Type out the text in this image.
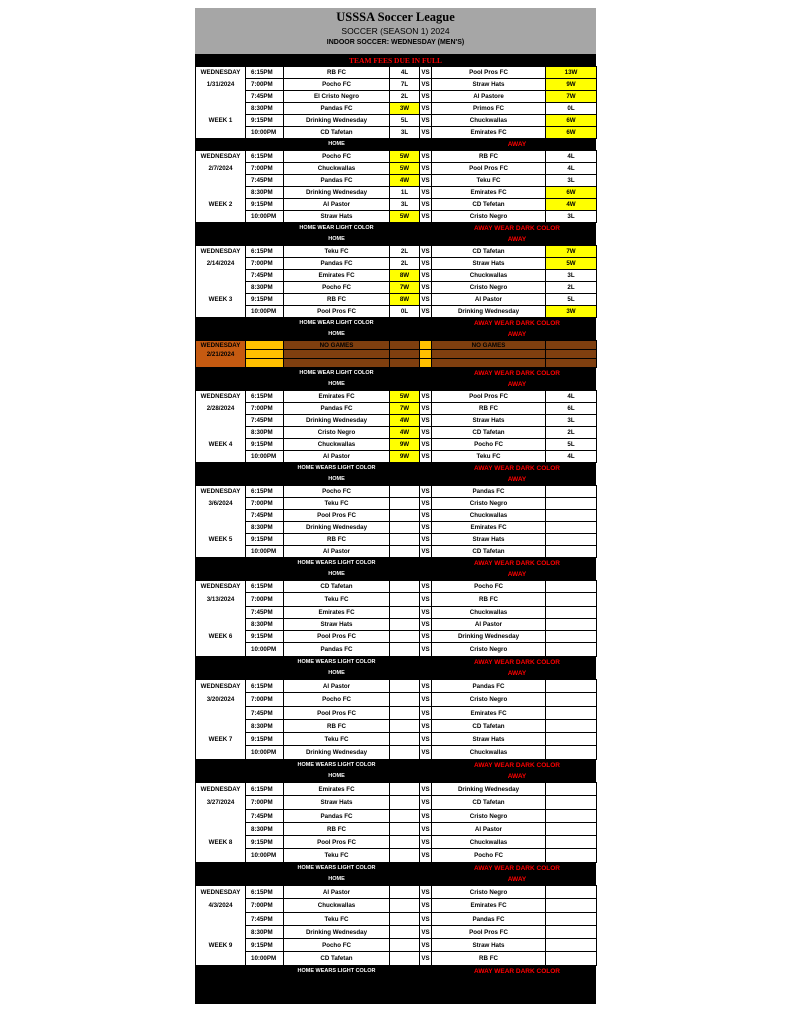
USSSA Soccer League
SOCCER (SEASON 1) 2024
INDOOR SOCCER: WEDNESDAY (MEN'S)
TEAM FEES DUE IN FULL
WEDNESDAY	6:15PM	RB FC	4L	VS	Pool Pros FC	13W
1/31/2024	7:00PM	Pocho FC	7L	VS	Straw Hats	9W
	7:45PM	El Cristo Negro	2L	VS	Al Pastore	7W
	8:30PM	Pandas FC	3W	VS	Primos FC	0L
WEEK 1	9:15PM	Drinking Wednesday	5L	VS	Chuckwallas	6W
	10:00PM	CD Tafetan	3L	VS	Emirates FC	6W
HOME	AWAY
WEDNESDAY	6:15PM	Pocho FC	5W	VS	RB FC	4L
2/7/2024	7:00PM	Chuckwallas	5W	VS	Pool Pros FC	4L
	7:45PM	Pandas FC	4W	VS	Teku FC	3L
	8:30PM	Drinking Wednesday	1L	VS	Emirates FC	6W
WEEK 2	9:15PM	Al Pastor	3L	VS	CD Tefetan	4W
	10:00PM	Straw Hats	5W	VS	Cristo Negro	3L
HOME WEAR LIGHT COLOR	AWAY WEAR DARK COLOR
HOME	AWAY
WEDNESDAY	6:15PM	Teku FC	2L	VS	CD Tafetan	7W
2/14/2024	7:00PM	Pandas FC	2L	VS	Straw Hats	5W
	7:45PM	Emirates FC	8W	VS	Chuckwallas	3L
	8:30PM	Pocho FC	7W	VS	Cristo Negro	2L
WEEK 3	9:15PM	RB FC	8W	VS	Al Pastor	5L
	10:00PM	Pool Pros FC	0L	VS	Drinking Wednesday	3W
HOME WEAR LIGHT COLOR	AWAY WEAR DARK COLOR
HOME	AWAY
WEDNESDAY		NO GAMES			NO GAMES	
2/21/2024						

HOME WEAR LIGHT COLOR	AWAY WEAR DARK COLOR
HOME	AWAY
WEDNESDAY	6:15PM	Emirates FC	5W	VS	Pool Pros FC	4L
2/28/2024	7:00PM	Pandas FC	7W	VS	RB FC	6L
	7:45PM	Drinking Wednesday	4W	VS	Straw Hats	3L
	8:30PM	Cristo Negro	4W	VS	CD Tafetan	2L
WEEK 4	9:15PM	Chuckwallas	9W	VS	Pocho FC	5L
	10:00PM	Al Pastor	9W	VS	Teku FC	4L
HOME WEARS LIGHT COLOR	AWAY WEAR DARK COLOR
HOME	AWAY
WEDNESDAY	6:15PM	Pocho FC		VS	Pandas FC	
3/6/2024	7:00PM	Teku FC		VS	Cristo Negro	
	7:45PM	Pool Pros FC		VS	Chuckwallas	
	8:30PM	Drinking Wednesday		VS	Emirates FC	
WEEK 5	9:15PM	RB FC		VS	Straw Hats	
	10:00PM	Al Pastor		VS	CD Tafetan	
HOME WEARS LIGHT COLOR	AWAY WEAR DARK COLOR
HOME	AWAY
WEDNESDAY	6:15PM	CD Tafetan		VS	Pocho FC	
3/13/2024	7:00PM	Teku FC		VS	RB FC	
	7:45PM	Emirates FC		VS	Chuckwallas	
	8:30PM	Straw Hats		VS	Al Pastor	
WEEK 6	9:15PM	Pool Pros FC		VS	Drinking Wednesday	
	10:00PM	Pandas FC		VS	Cristo Negro	
HOME WEARS LIGHT COLOR	AWAY WEAR DARK COLOR
HOME	AWAY
WEDNESDAY	6:15PM	Al Pastor		VS	Pandas FC	
3/20/2024	7:00PM	Pocho FC		VS	Cristo Negro	
	7:45PM	Pool Pros FC		VS	Emirates FC	
	8:30PM	RB FC		VS	CD Tafetan	
WEEK 7	9:15PM	Teku FC		VS	Straw Hats	
	10:00PM	Drinking Wednesday		VS	Chuckwallas	
HOME WEARS LIGHT COLOR	AWAY WEAR DARK COLOR
HOME	AWAY
WEDNESDAY	6:15PM	Emirates FC		VS	Drinking Wednesday	
3/27/2024	7:00PM	Straw Hats		VS	CD Tafetan	
	7:45PM	Pandas FC		VS	Cristo Negro	
	8:30PM	RB FC		VS	Al Pastor	
WEEK 8	9:15PM	Pool Pros FC		VS	Chuckwallas	
	10:00PM	Teku FC		VS	Pocho FC	
HOME WEARS LIGHT COLOR	AWAY WEAR DARK COLOR
HOME	AWAY
WEDNESDAY	6:15PM	Al Pastor		VS	Cristo Negro	
4/3/2024	7:00PM	Chuckwallas		VS	Emirates FC	
	7:45PM	Teku FC		VS	Pandas FC	
	8:30PM	Drinking Wednesday		VS	Pool Pros FC	
WEEK 9	9:15PM	Pocho FC		VS	Straw Hats	
	10:00PM	CD Tafetan		VS	RB FC	
HOME WEARS LIGHT COLOR	AWAY WEAR DARK COLOR
